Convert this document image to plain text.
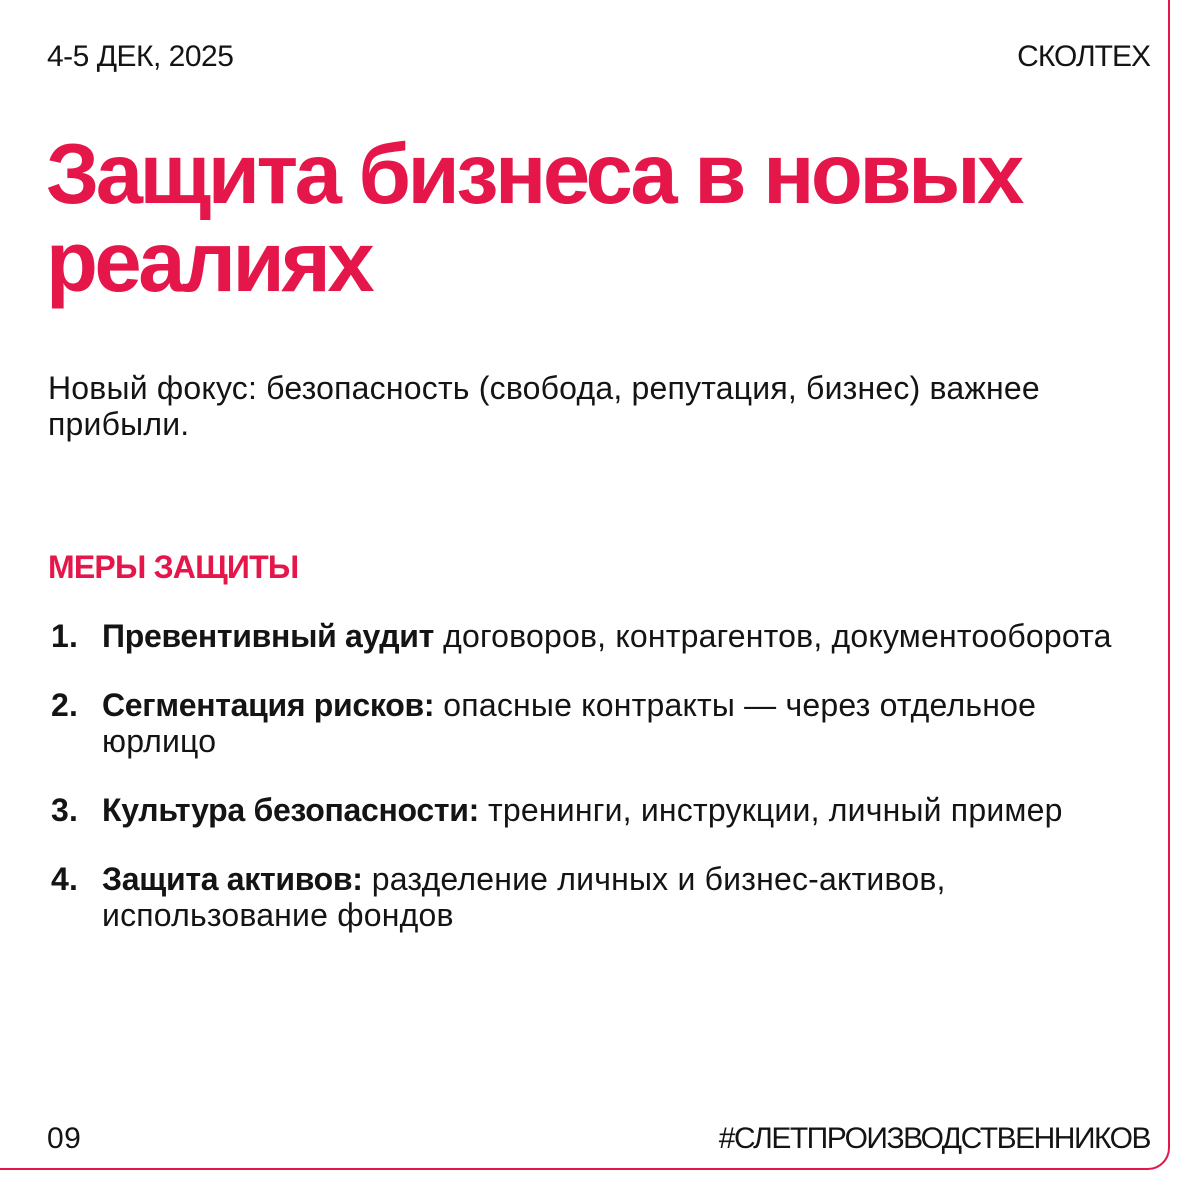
4-5 ДЕК, 2025	СКОЛТЕХ
Защита бизнеса в новых реалиях

Новый фокус: безопасность (свобода, репутация, бизнес) важнее прибыли.

МЕРЫ ЗАЩИТЫ
1. Превентивный аудит договоров, контрагентов, документооборота
2. Сегментация рисков: опасные контракты — через отдельное юрлицо
3. Культура безопасности: тренинги, инструкции, личный пример
4. Защита активов: разделение личных и бизнес-активов, использование фондов
09	#СЛЕТПРОИЗВОДСТВЕННИКОВ
